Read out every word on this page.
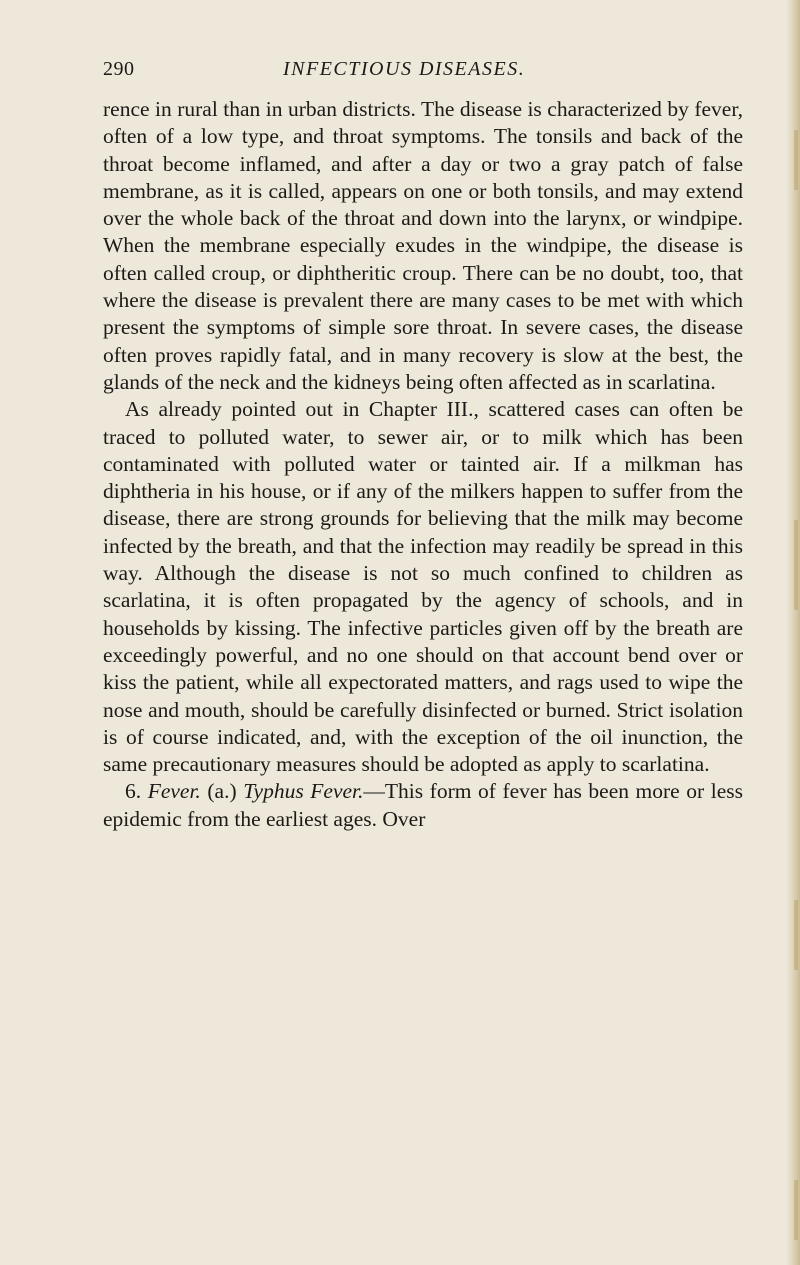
290	INFECTIOUS DISEASES.

rence in rural than in urban districts. The disease is characterized by fever, often of a low type, and throat symptoms. The tonsils and back of the throat become inflamed, and after a day or two a gray patch of false membrane, as it is called, appears on one or both tonsils, and may extend over the whole back of the throat and down into the larynx, or windpipe. When the membrane especially exudes in the windpipe, the disease is often called croup, or diphtheritic croup. There can be no doubt, too, that where the disease is prevalent there are many cases to be met with which present the symptoms of simple sore throat. In severe cases, the disease often proves rapidly fatal, and in many recovery is slow at the best, the glands of the neck and the kidneys being often affected as in scarlatina.

As already pointed out in Chapter III., scattered cases can often be traced to polluted water, to sewer air, or to milk which has been contaminated with polluted water or tainted air. If a milkman has diphtheria in his house, or if any of the milkers happen to suffer from the disease, there are strong grounds for believing that the milk may become infected by the breath, and that the infection may readily be spread in this way. Although the disease is not so much confined to children as scarlatina, it is often propagated by the agency of schools, and in households by kissing. The infective particles given off by the breath are exceedingly powerful, and no one should on that account bend over or kiss the patient, while all expectorated matters, and rags used to wipe the nose and mouth, should be carefully disinfected or burned. Strict isolation is of course indicated, and, with the exception of the oil inunction, the same precautionary measures should be adopted as apply to scarlatina.

6. Fever. (a.) Typhus Fever.—This form of fever has been more or less epidemic from the earliest ages. Over
